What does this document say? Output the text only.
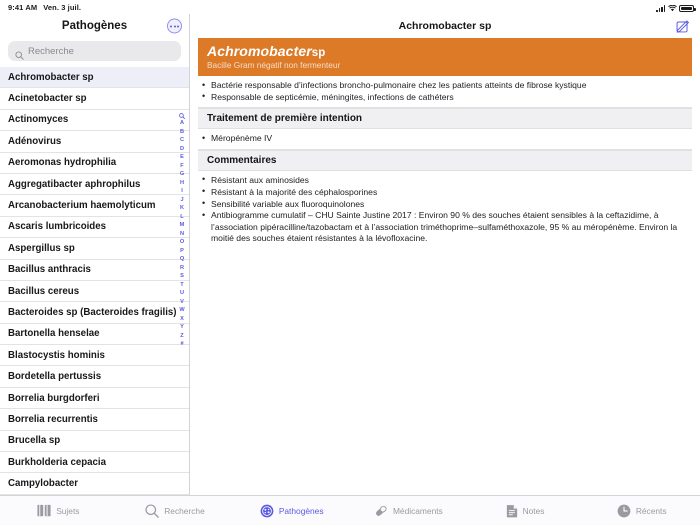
9:41 AM Ven. 3 juil.
Pathogènes
Recherche
Achromobacter sp
Acinetobacter sp
Actinomyces
Adénovirus
Aeromonas hydrophilia
Aggregatibacter aphrophilus
Arcanobacterium haemolyticum
Ascaris lumbricoides
Aspergillus sp
Bacillus anthracis
Bacillus cereus
Bacteroides sp (Bacteroides fragilis)
Bartonella henselae
Blastocystis hominis
Bordetella pertussis
Borrelia burgdorferi
Borrelia recurrentis
Brucella sp
Burkholderia cepacia
Campylobacter
A
B
C
D
E
F
G
H
I
J
K
L
M
N
O
P
Q
R
S
T
U
V
W
X
Y
Z
#
Achromobacter sp
Achromobactersp
Bacille Gram négatif non fermenteur
• Bactérie responsable d’infections broncho-pulmonaire chez les patients atteints de fibrose kystique
• Responsable de septicémie, méningites, infections de cathéters
Traitement de première intention
• Méropénème IV
Commentaires
• Résistant aux aminosides
• Résistant à la majorité des céphalosporines
• Sensibilité variable aux fluoroquinolones
• Antibiogramme cumulatif – CHU Sainte Justine 2017 : Environ 90 % des souches étaient sensibles à la ceftazidime, à l’association pipéracilline/tazobactam et à l’association triméthoprime–sulfaméthoxazole, 95 % au méropénème. Environ la moitié des souches étaient résistantes à la lévofloxacine.
Sujets	Recherche	Pathogènes	Médicaments	Notes	Récents
